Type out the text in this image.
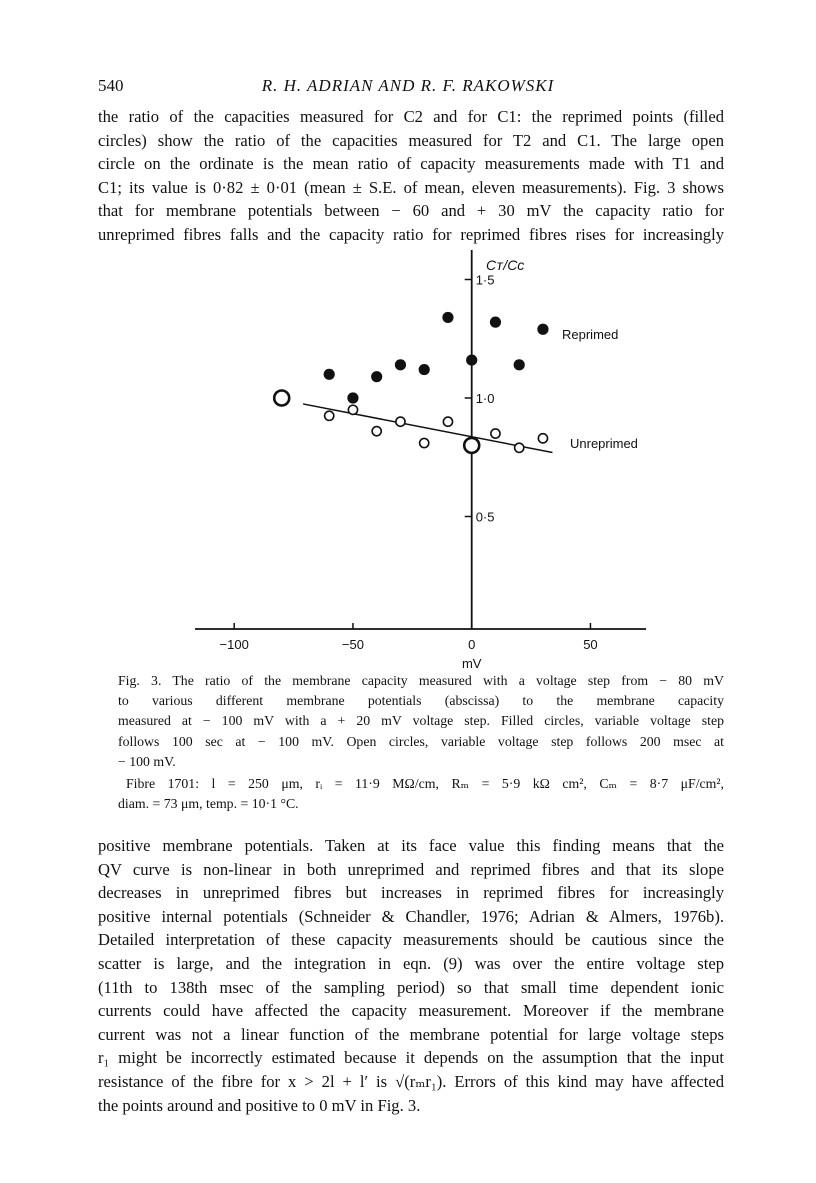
540	R. H. ADRIAN AND R. F. RAKOWSKI
the ratio of the capacities measured for C2 and for C1: the reprimed points (filled
circles) show the ratio of the capacities measured for T2 and C1. The large open
circle on the ordinate is the mean ratio of capacity measurements made with T1 and
C1; its value is 0·82 ± 0·01 (mean ± S.E. of mean, eleven measurements). Fig. 3 shows
that for membrane potentials between − 60 and + 30 mV the capacity ratio for
unreprimed fibres falls and the capacity ratio for reprimed fibres rises for increasingly
−100	−50	0	50
0·5
1·0
1·5
Cᴛ/Cᴄ
mV
Reprimed
Unreprimed
Fig. 3. The ratio of the membrane capacity measured with a voltage step from − 80 mV
to various different membrane potentials (abscissa) to the membrane capacity
measured at − 100 mV with a + 20 mV voltage step. Filled circles, variable voltage step
follows 100 sec at − 100 mV. Open circles, variable voltage step follows 200 msec at
− 100 mV.
Fibre 1701: l = 250 μm, rᵢ = 11·9 MΩ/cm, Rₘ = 5·9 kΩ cm², Cₘ = 8·7 μF/cm²,
diam. = 73 μm, temp. = 10·1 °C.
positive membrane potentials. Taken at its face value this finding means that the
QV curve is non-linear in both unreprimed and reprimed fibres and that its slope
decreases in unreprimed fibres but increases in reprimed fibres for increasingly
positive internal potentials (Schneider & Chandler, 1976; Adrian & Almers, 1976b).
Detailed interpretation of these capacity measurements should be cautious since the
scatter is large, and the integration in eqn. (9) was over the entire voltage step
(11th to 138th msec of the sampling period) so that small time dependent ionic
currents could have affected the capacity measurement. Moreover if the membrane
current was not a linear function of the membrane potential for large voltage steps
r₁ might be incorrectly estimated because it depends on the assumption that the input
resistance of the fibre for x > 2l + l′ is √(rₘr₁). Errors of this kind may have affected
the points around and positive to 0 mV in Fig. 3.
